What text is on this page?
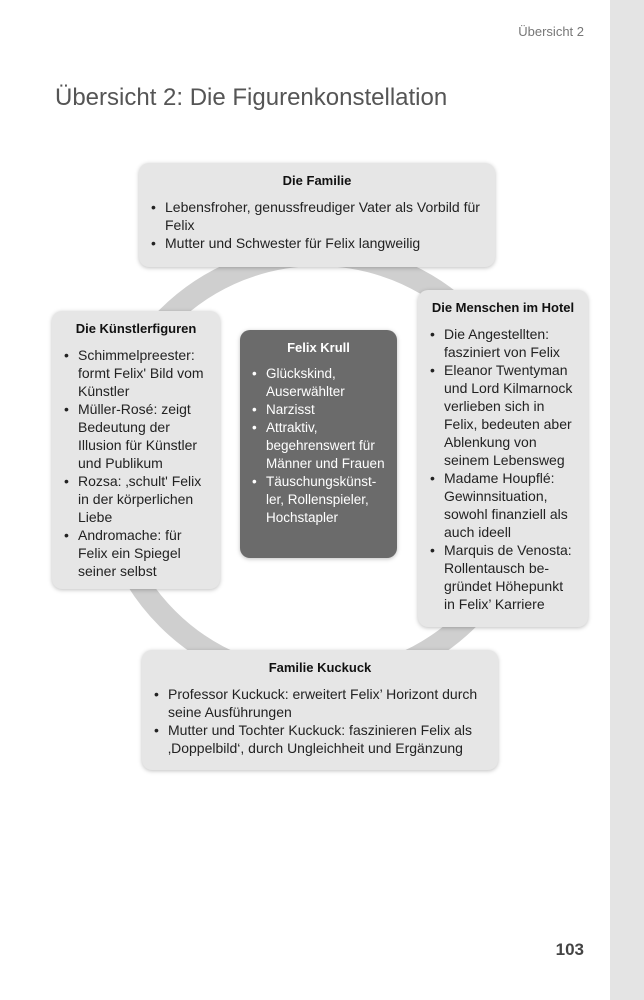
Übersicht 2
Übersicht 2: Die Figurenkonstellation
Die Familie
• Lebensfroher, genussfreudiger Vater als Vorbild für Felix
• Mutter und Schwester für Felix langweilig
Die Künstlerfiguren
• Schimmelpreester: formt Felix' Bild vom Künstler
• Müller-Rosé: zeigt Bedeutung der Illusion für Künstler und Publikum
• Rozsa: ‚schult' Felix in der körperlichen Liebe
• Andromache: für Felix ein Spiegel seiner selbst
Felix Krull
• Glückskind, Auserwählter
• Narzisst
• Attraktiv, begehrenswert für Männer und Frauen
• Täuschungskünst-ler, Rollenspieler, Hochstapler
Die Menschen im Hotel
• Die Angestellten: fasziniert von Felix
• Eleanor Twentyman und Lord Kilmarnock verlieben sich in Felix, bedeuten aber Ablenkung von seinem Lebensweg
• Madame Houpflé: Gewinnsituation, sowohl finanziell als auch ideell
• Marquis de Venosta: Rollentausch be-gründet Höhepunkt in Felix’ Karriere
Familie Kuckuck
• Professor Kuckuck: erweitert Felix’ Horizont durch seine Ausführungen
• Mutter und Tochter Kuckuck: faszinieren Felix als ‚Doppelbild‘, durch Ungleichheit und Ergänzung
103
